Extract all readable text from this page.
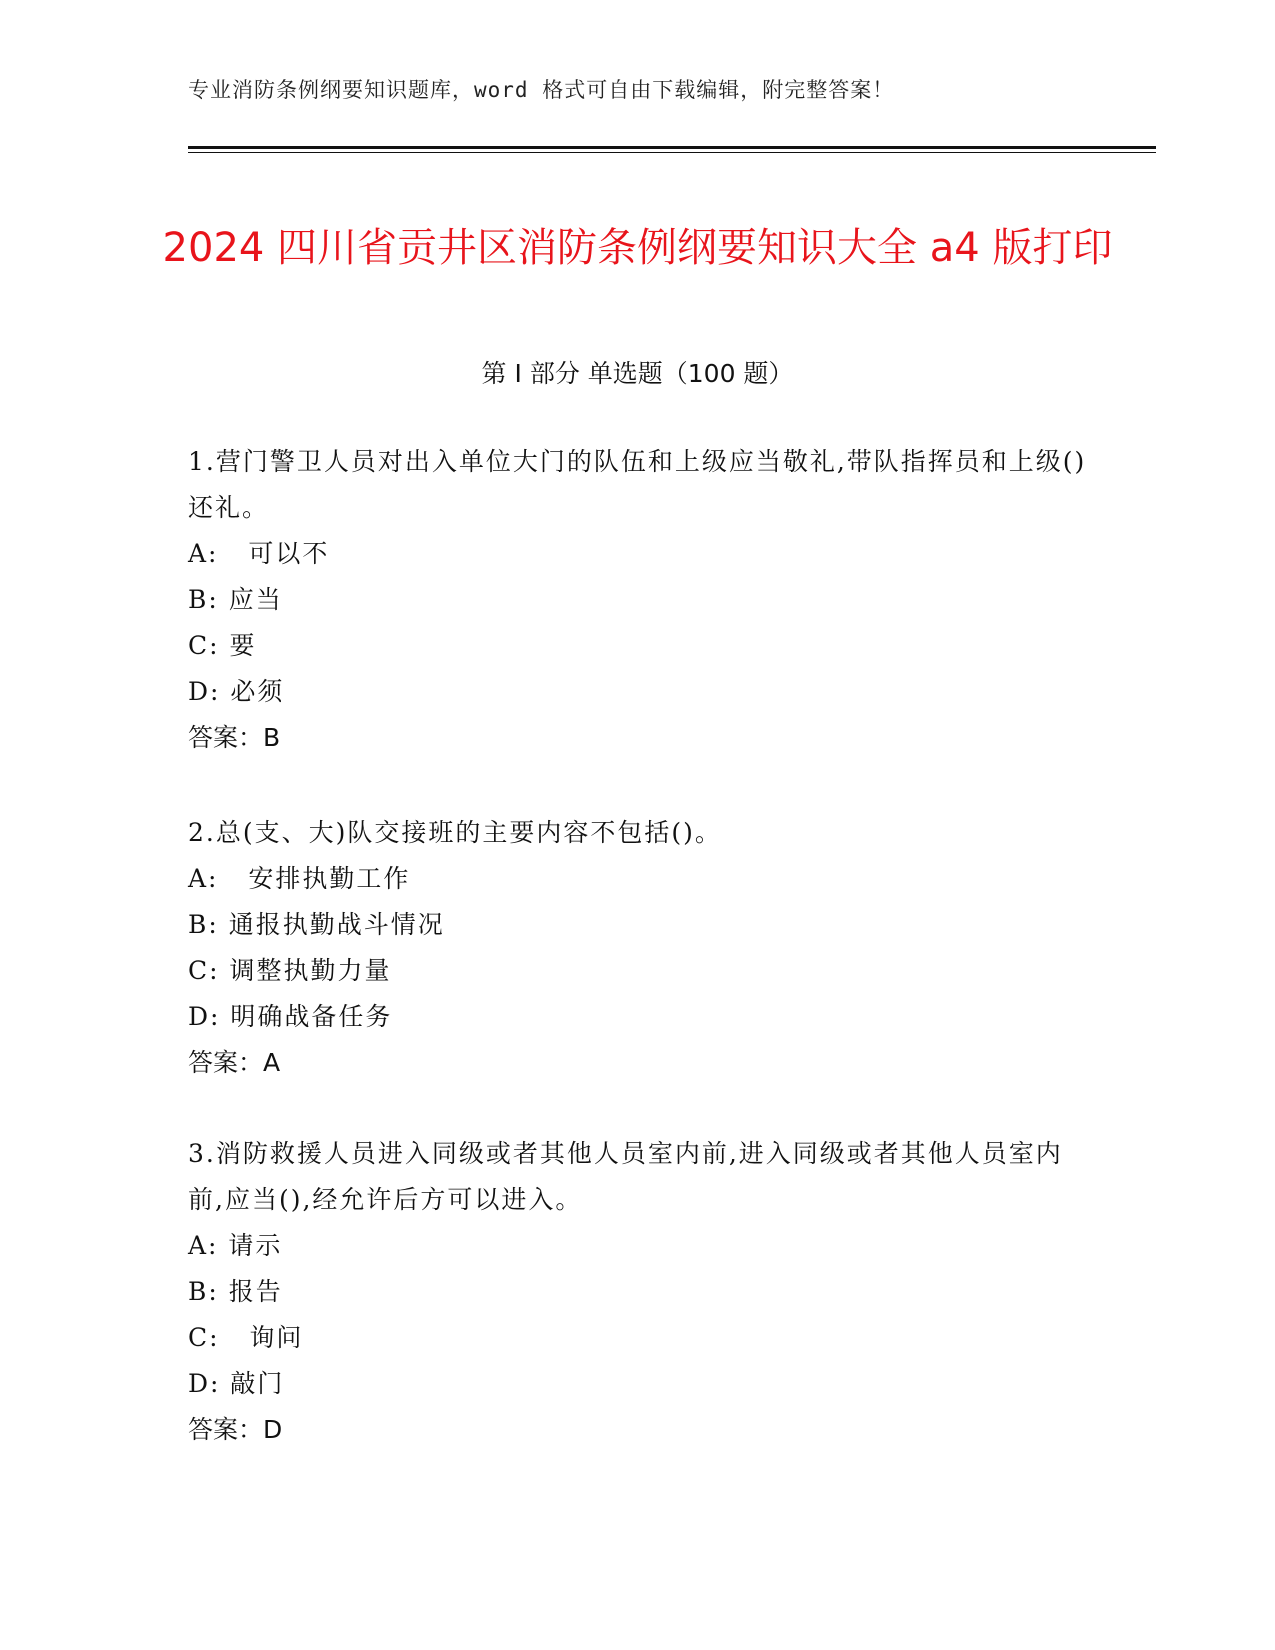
专业消防条例纲要知识题库，word 格式可自由下载编辑，附完整答案！
2024 四川省贡井区消防条例纲要知识大全 a4 版打印
第 I 部分 单选题（100 题）

1.营门警卫人员对出入单位大门的队伍和上级应当敬礼,带队指挥员和上级()还礼。

A:   可以不

B: 应当

C: 要

D: 必须

答案：B

2.总(支、大)队交接班的主要内容不包括()。

A:   安排执勤工作

B: 通报执勤战斗情况

C: 调整执勤力量

D: 明确战备任务

答案：A

3.消防救援人员进入同级或者其他人员室内前,进入同级或者其他人员室内前,应当(),经允许后方可以进入。

A: 请示

B: 报告

C:   询问

D: 敲门

答案：D
